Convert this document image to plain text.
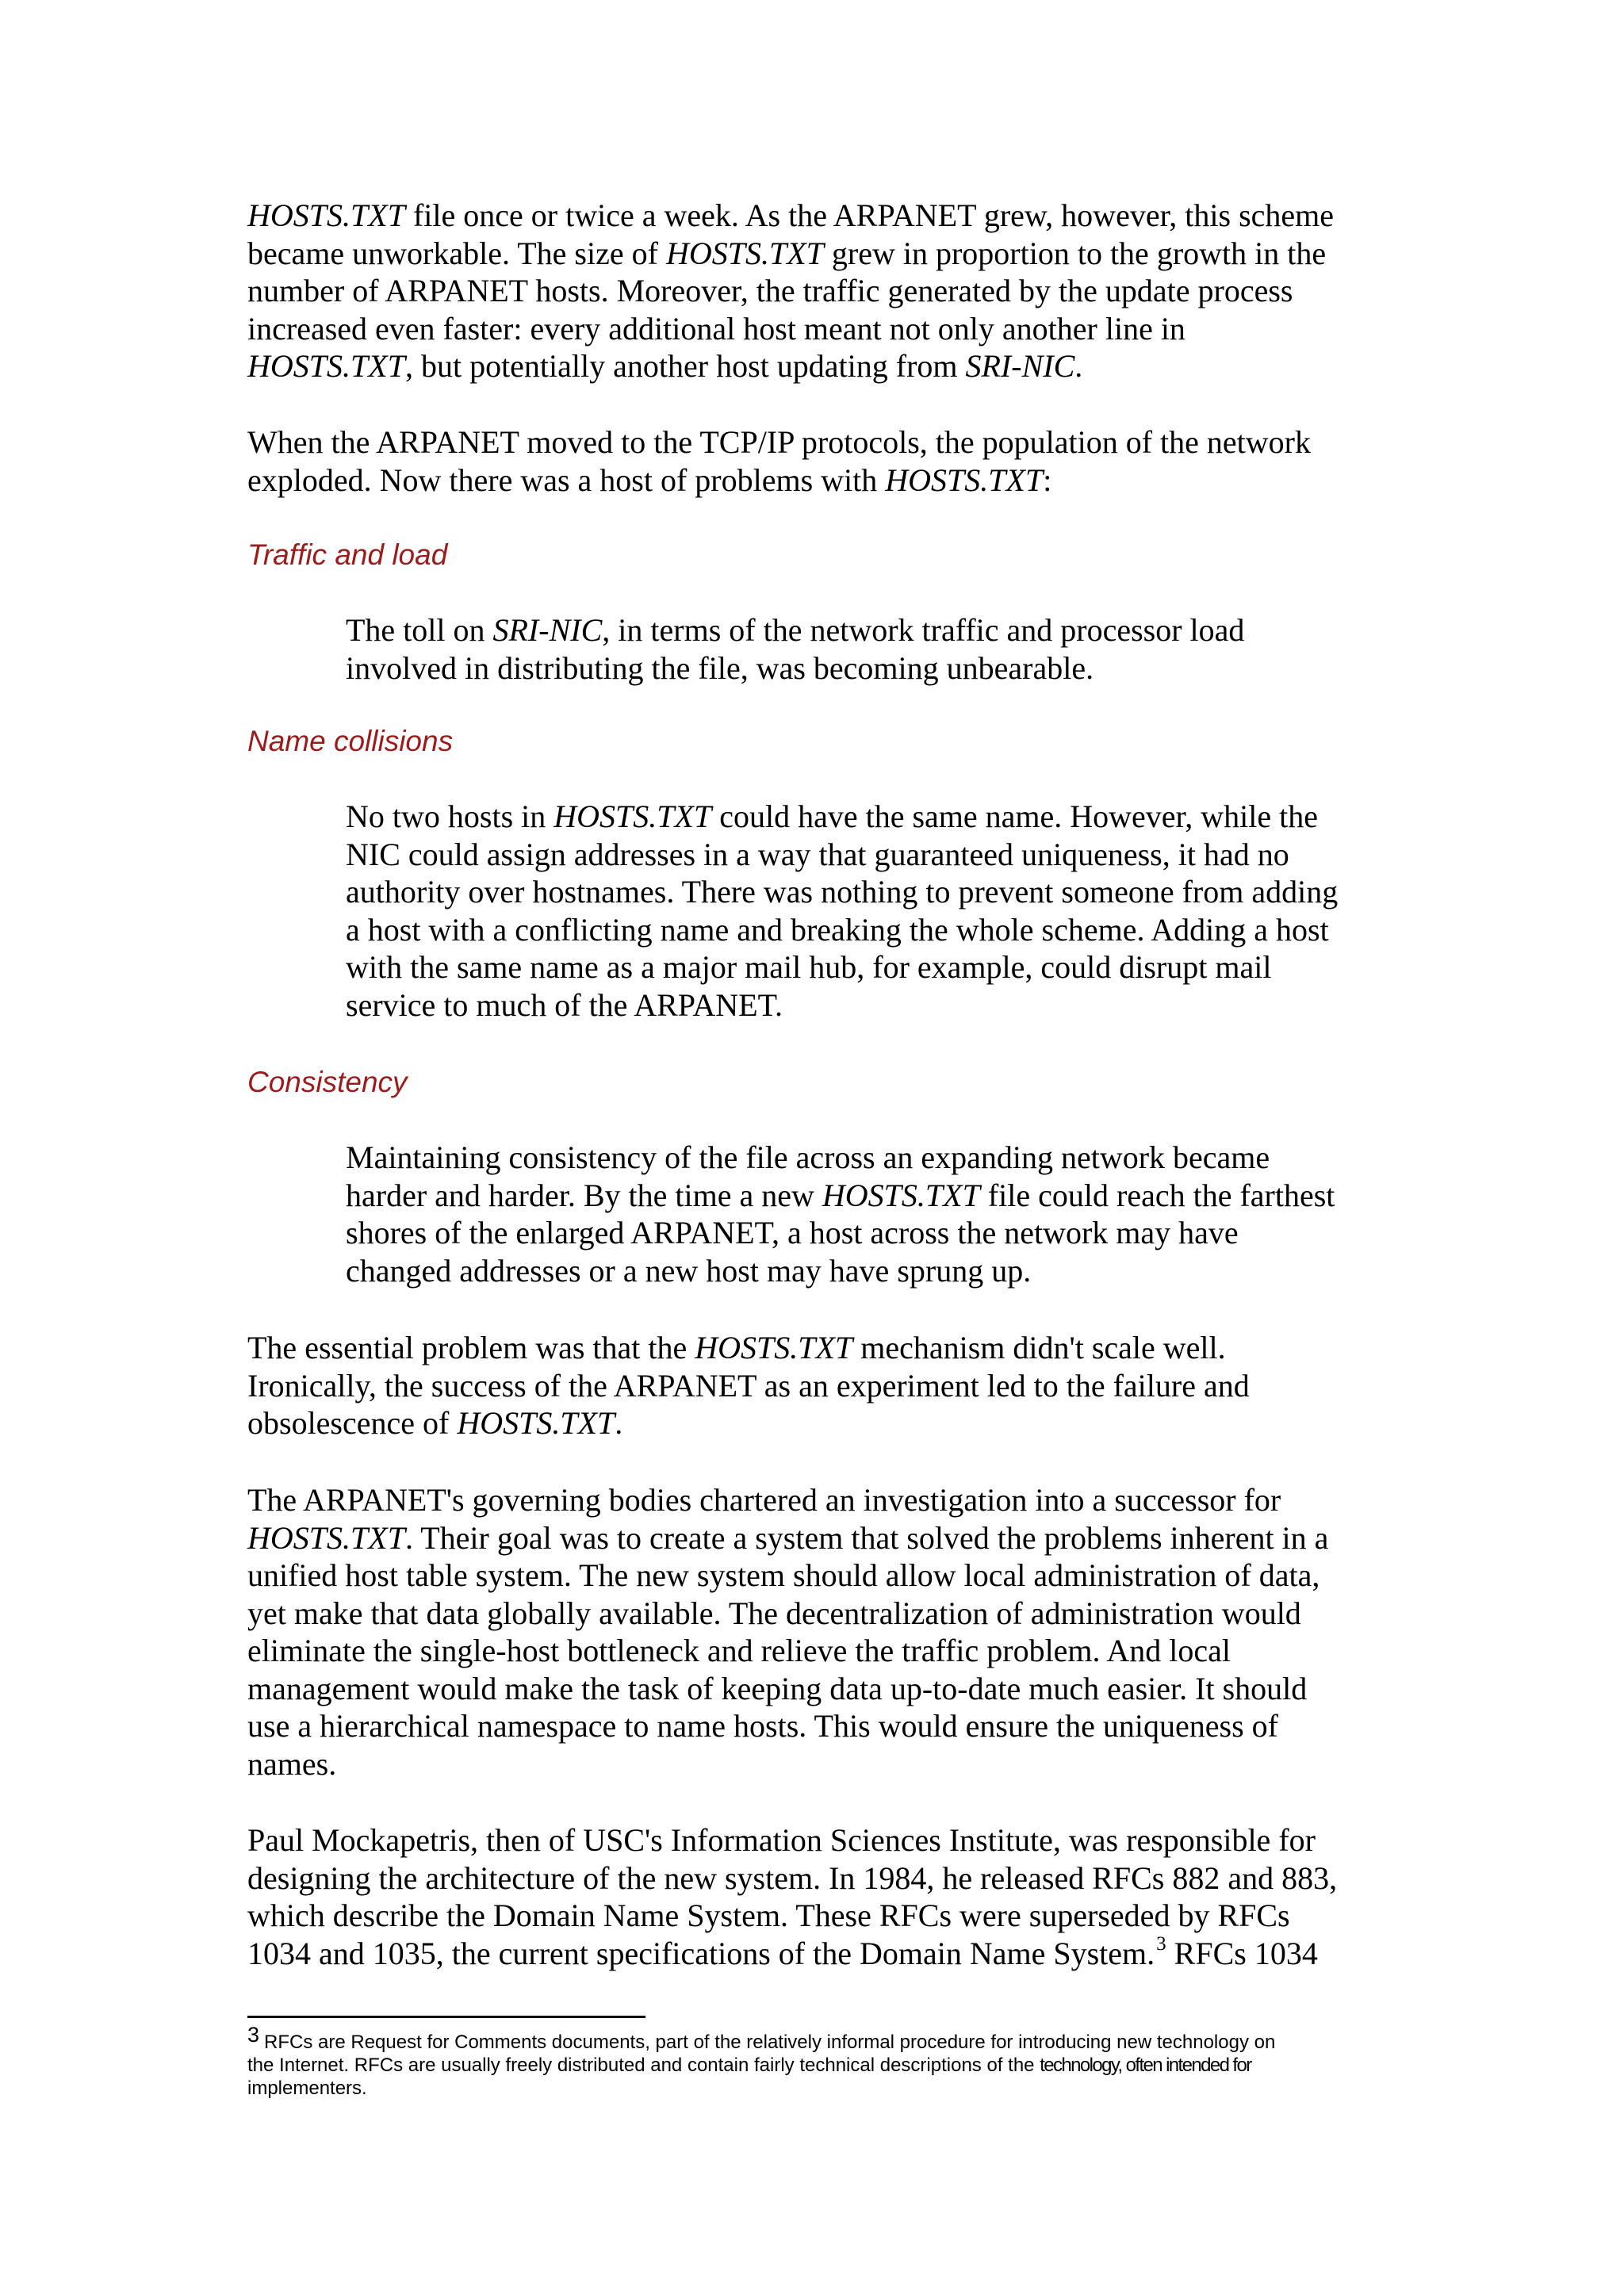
HOSTS.TXT file once or twice a week. As the ARPANET grew, however, this scheme
became unworkable. The size of HOSTS.TXT grew in proportion to the growth in the
number of ARPANET hosts. Moreover, the traffic generated by the update process
increased even faster: every additional host meant not only another line in
HOSTS.TXT, but potentially another host updating from SRI-NIC.
When the ARPANET moved to the TCP/IP protocols, the population of the network
exploded. Now there was a host of problems with HOSTS.TXT:
Traffic and load
The toll on SRI-NIC, in terms of the network traffic and processor load
involved in distributing the file, was becoming unbearable.
Name collisions
No two hosts in HOSTS.TXT could have the same name. However, while the
NIC could assign addresses in a way that guaranteed uniqueness, it had no
authority over hostnames. There was nothing to prevent someone from adding
a host with a conflicting name and breaking the whole scheme. Adding a host
with the same name as a major mail hub, for example, could disrupt mail
service to much of the ARPANET.
Consistency
Maintaining consistency of the file across an expanding network became
harder and harder. By the time a new HOSTS.TXT file could reach the farthest
shores of the enlarged ARPANET, a host across the network may have
changed addresses or a new host may have sprung up.
The essential problem was that the HOSTS.TXT mechanism didn't scale well.
Ironically, the success of the ARPANET as an experiment led to the failure and
obsolescence of HOSTS.TXT.
The ARPANET's governing bodies chartered an investigation into a successor for
HOSTS.TXT. Their goal was to create a system that solved the problems inherent in a
unified host table system. The new system should allow local administration of data,
yet make that data globally available. The decentralization of administration would
eliminate the single-host bottleneck and relieve the traffic problem. And local
management would make the task of keeping data up-to-date much easier. It should
use a hierarchical namespace to name hosts. This would ensure the uniqueness of
names.
Paul Mockapetris, then of USC's Information Sciences Institute, was responsible for
designing the architecture of the new system. In 1984, he released RFCs 882 and 883,
which describe the Domain Name System. These RFCs were superseded by RFCs
1034 and 1035, the current specifications of the Domain Name System.$^3$ RFCs 1034
3 RFCs are Request for Comments documents, part of the relatively informal procedure for introducing new technology on
the Internet. RFCs are usually freely distributed and contain fairly technical descriptions of the technology, often intended for
implementers.
